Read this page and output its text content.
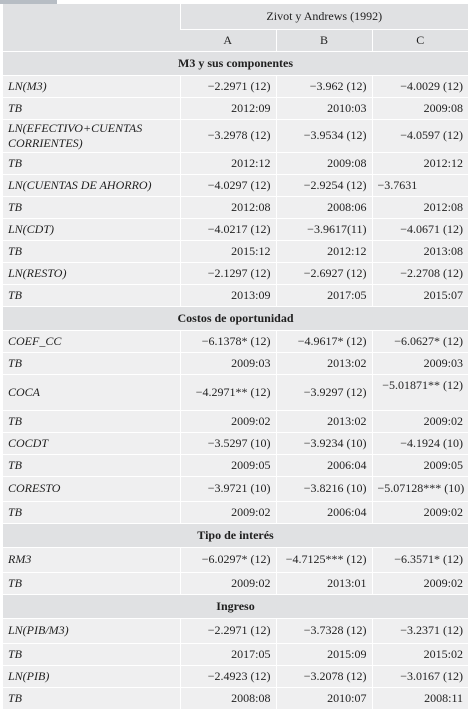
	Zivot y Andrews (1992)		
	A	B	C
M3 y sus componentes			
LN(M3)	−2.2971 (12)	−3.962 (12)	−4.0029 (12)
TB	2012:09	2010:03	2009:08
LN(EFECTIVO+CUENTAS CORRIENTES)	−3.2978 (12)	−3.9534 (12)	−4.0597 (12)
TB	2012:12	2009:08	2012:12
LN(CUENTAS DE AHORRO)	−4.0297 (12)	−2.9254 (12)	−3.7631
TB	2012:08	2008:06	2012:08
LN(CDT)	−4.0217 (12)	−3.9617(11)	−4.0671 (12)
TB	2015:12	2012:12	2013:08
LN(RESTO)	−2.1297 (12)	−2.6927 (12)	−2.2708 (12)
TB	2013:09	2017:05	2015:07
Costos de oportunidad			
COEF_CC	−6.1378* (12)	−4.9617* (12)	−6.0627* (12)
TB	2009:03	2013:02	2009:03
COCA	−4.2971** (12)	−3.9297 (12)	−5.01871** (12)
TB	2009:02	2013:02	2009:02
COCDT	−3.5297 (10)	−3.9234 (10)	−4.1924 (10)
TB	2009:05	2006:04	2009:05
CORESTO	−3.9721 (10)	−3.8216 (10)	−5.07128*** (10)
TB	2009:02	2006:04	2009:02
Tipo de interés			
RM3	−6.0297* (12)	−4.7125*** (12)	−6.3571* (12)
TB	2009:02	2013:01	2009:02
Ingreso			
LN(PIB/M3)	−2.2971 (12)	−3.7328 (12)	−3.2371 (12)
TB	2017:05	2015:09	2015:02
LN(PIB)	−2.4923 (12)	−3.2078 (12)	−3.0167 (12)
TB	2008:08	2010:07	2008:11
